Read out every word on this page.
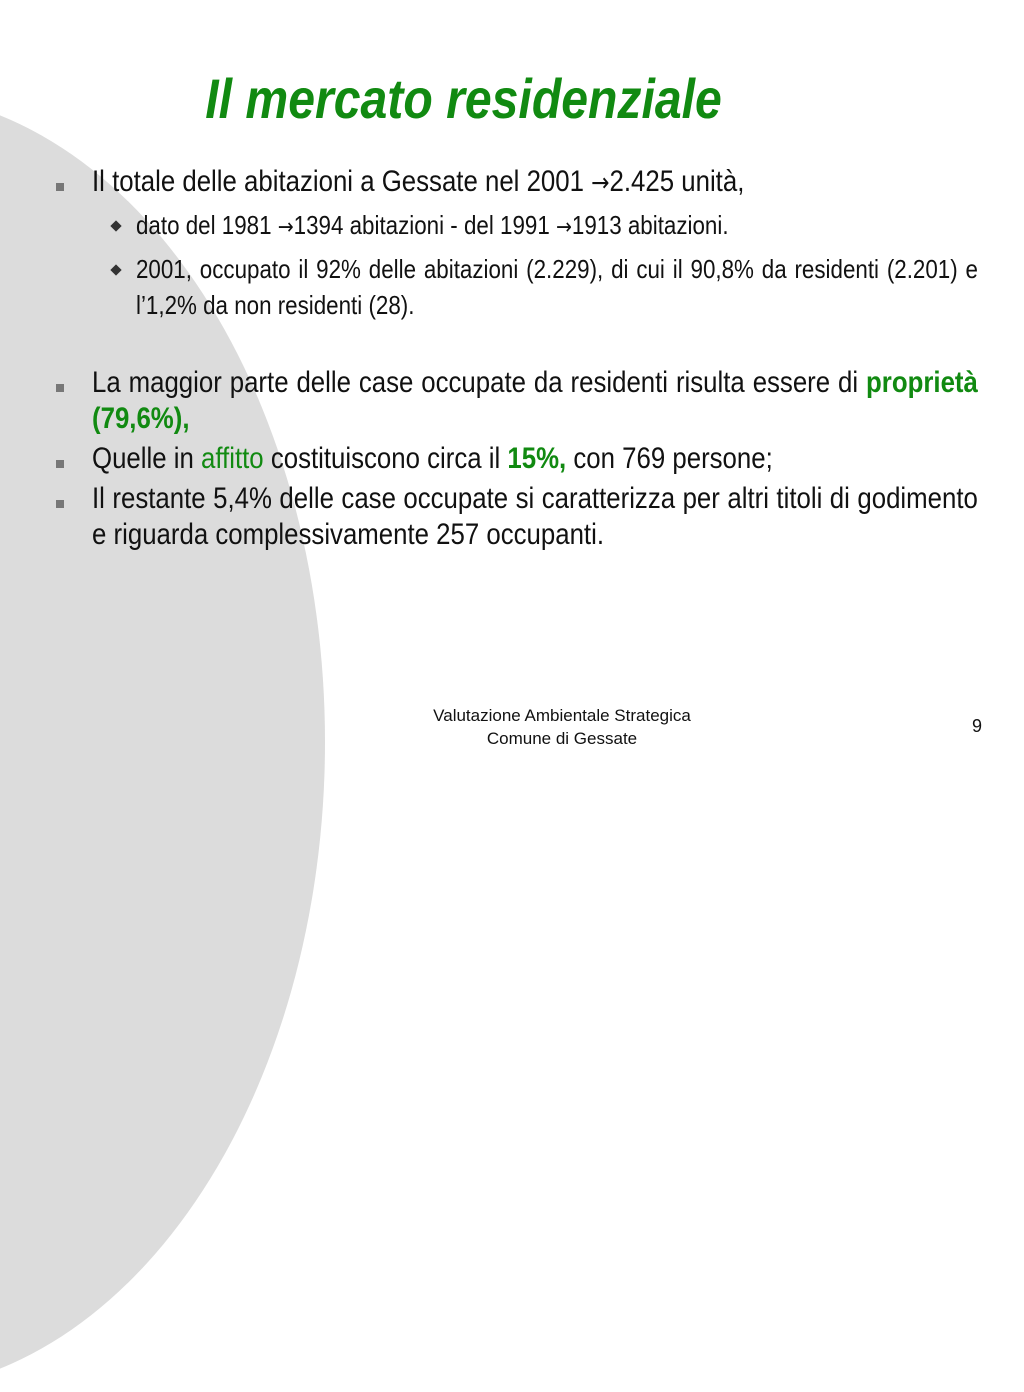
Il mercato residenziale
Il totale delle abitazioni a Gessate nel 2001 →2.425 unità,
dato del 1981 →1394 abitazioni - del 1991 →1913 abitazioni.
2001, occupato il 92% delle abitazioni (2.229), di cui il 90,8% da residenti (2.201) e l’1,2% da non residenti (28).
La maggior parte delle case occupate da residenti risulta essere di proprietà (79,6%),
Quelle in affitto costituiscono circa il 15%, con 769 persone;
Il restante 5,4% delle case occupate si caratterizza per altri titoli di godimento e riguarda complessivamente 257 occupanti.
Valutazione Ambientale Strategica
Comune di Gessate
9
